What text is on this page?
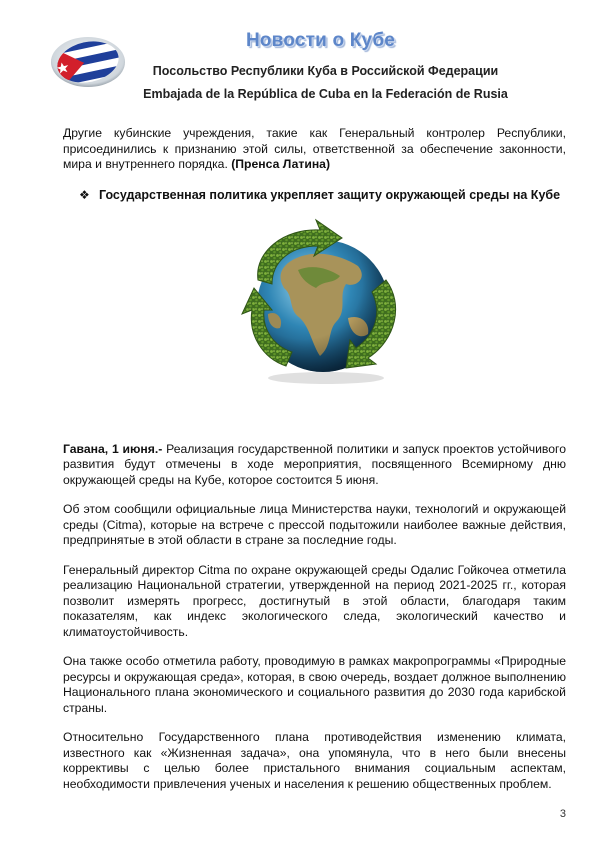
Новости о Кубе
Посольство Республики Куба в Российской Федерации
Embajada de la República de Cuba en la Federación de Rusia

Другие кубинские учреждения, такие как Генеральный контролер Республики, присоединились к признанию этой силы, ответственной за обеспечение законности, мира и внутреннего порядка. (Пренса Латина)

❖ Государственная политика укрепляет защиту окружающей среды на Кубе

Гавана, 1 июня.- Реализация государственной политики и запуск проектов устойчивого развития будут отмечены в ходе мероприятия, посвященного Всемирному дню окружающей среды на Кубе, которое состоится 5 июня.

Об этом сообщили официальные лица Министерства науки, технологий и окружающей среды (Citma), которые на встрече с прессой подытожили наиболее важные действия, предпринятые в этой области в стране за последние годы.

Генеральный директор Citma по охране окружающей среды Одалис Гойкочеа отметила реализацию Национальной стратегии, утвержденной на период 2021-2025 гг., которая позволит измерять прогресс, достигнутый в этой области, благодаря таким показателям, как индекс экологического следа, экологический качество и климатоустойчивость.

Она также особо отметила работу, проводимую в рамках макропрограммы «Природные ресурсы и окружающая среда», которая, в свою очередь, воздает должное выполнению Национального плана экономического и социального развития до 2030 года карибской страны.

Относительно Государственного плана противодействия изменению климата, известного как «Жизненная задача», она упомянула, что в него были внесены коррективы с целью более пристального внимания социальным аспектам, необходимости привлечения ученых и населения к решению общественных проблем.

3
